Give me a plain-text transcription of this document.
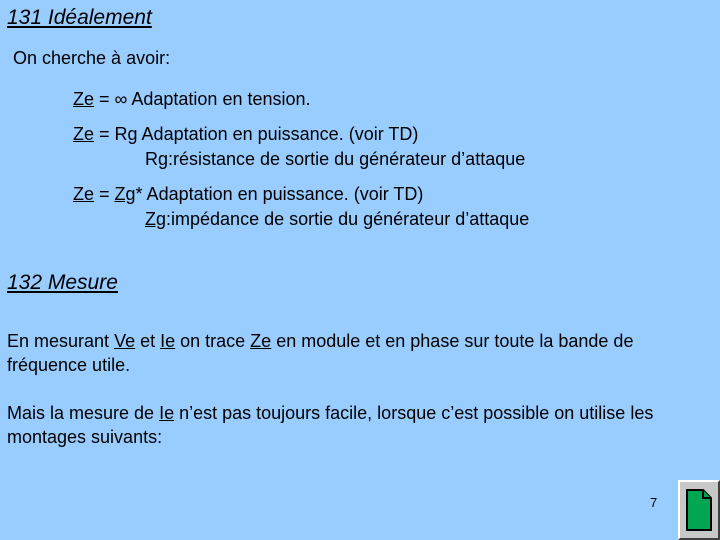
131 Idéalement
On cherche à avoir:
Ze = ∞ Adaptation en tension.
Ze = Rg Adaptation en puissance. (voir TD)
Rg:résistance de sortie du générateur d’attaque
Ze = Zg* Adaptation en puissance. (voir TD)
Zg:impédance de sortie du générateur d’attaque
132 Mesure
En mesurant Ve et Ie on trace Ze en module et en phase sur toute la bande de fréquence utile.
Mais la mesure de Ie n’est pas toujours facile, lorsque c’est possible on utilise les montages suivants:
7
